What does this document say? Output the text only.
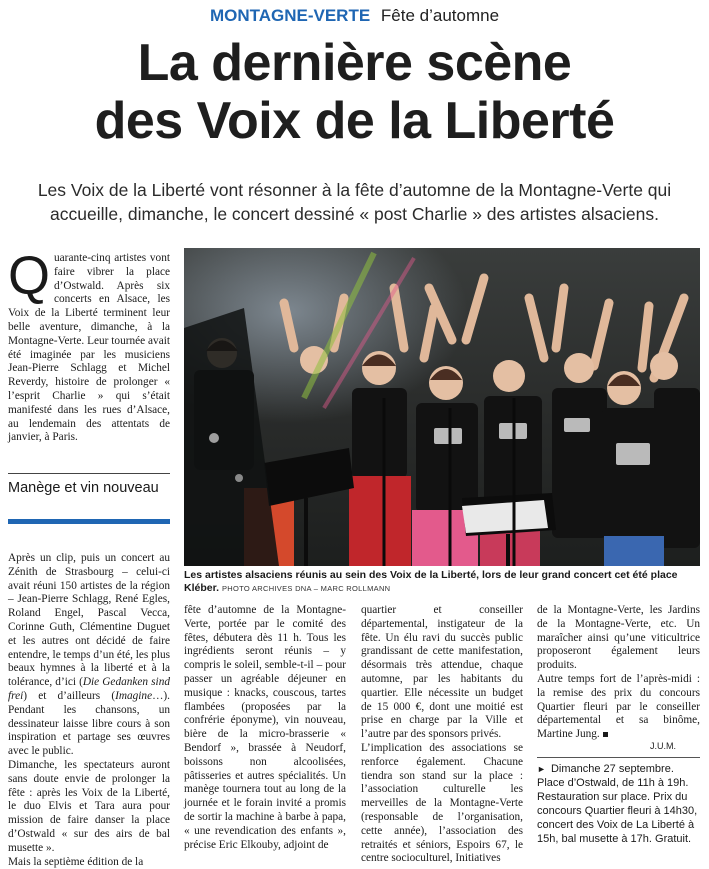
MONTAGNE-VERTE Fête d’automne
La dernière scène
des Voix de la Liberté
Les Voix de la Liberté vont résonner à la fête d’automne de la Montagne-Verte qui accueille, dimanche, le concert dessiné « post Charlie » des artistes alsaciens.
Q uarante-cinq artistes vont faire vibrer la place d’Ostwald. Après six concerts en Alsace, les Voix de la Liberté terminent leur belle aventure, dimanche, à la Montagne-Verte. Leur tournée avait été imaginée par les musiciens Jean-Pierre Schlagg et Michel Reverdy, histoire de prolonger « l’esprit Charlie » qui s’était manifesté dans les rues d’Alsace, au lendemain des attentats de janvier, à Paris.
Manège et vin nouveau

Après un clip, puis un concert au Zénith de Strasbourg – celui-ci avait réuni 150 artistes de la région – Jean-Pierre Schlagg, René Egles, Roland Engel, Pascal Vecca, Corinne Guth, Clémentine Duguet et les autres ont décidé de faire entendre, le temps d’un été, les plus beaux hymnes à la liberté et à la tolérance, d’ici (Die Gedanken sind frei) et d’ailleurs (Imagine…). Pendant les chansons, un dessinateur laisse libre cours à son inspiration et partage ses œuvres avec le public.

Dimanche, les spectateurs auront sans doute envie de prolonger la fête : après les Voix de la Liberté, le duo Elvis et Tara aura pour mission de faire danser la place d’Ostwald « sur des airs de bal musette ».

Mais la septième édition de la

Les artistes alsaciens réunis au sein des Voix de la Liberté, lors de leur grand concert cet été place Kléber. PHOTO ARCHIVES DNA – MARC ROLLMANN

fête d’automne de la Montagne-Verte, portée par le comité des fêtes, débutera dès 11 h. Tous les ingrédients seront réunis – y compris le soleil, semble-t-il – pour passer un agréable déjeuner en musique : knacks, couscous, tartes flambées (proposées par la confrérie éponyme), vin nouveau, bière de la micro-brasserie « Bendorf », brassée à Neudorf, boissons non alcoolisées, pâtisseries et autres spécialités. Un manège tournera tout au long de la journée et le forain invité a promis de sortir la machine à barbe à papa, « une revendication des enfants », précise Eric Elkouby, adjoint de

quartier et conseiller départemental, instigateur de la fête. Un élu ravi du succès public grandissant de cette manifestation, désormais très attendue, chaque automne, par les habitants du quartier. Elle nécessite un budget de 15 000 €, dont une moitié est prise en charge par la Ville et l’autre par des sponsors privés.

L’implication des associations se renforce également. Chacune tiendra son stand sur la place : l’association culturelle les merveilles de la Montagne-Verte (responsable de l’organisation, cette année), l’association des retraités et séniors, Espoirs 67, le centre socioculturel, Initiatives

de la Montagne-Verte, les Jardins de la Montagne-Verte, etc. Un maraîcher ainsi qu’une viticultrice proposeront également leurs produits.

Autre temps fort de l’après-midi : la remise des prix du concours Quartier fleuri par le conseiller départemental et sa binôme, Martine Jung.

J.U.M.
► Dimanche 27 septembre. Place d’Ostwald, de 11h à 19h. Restauration sur place. Prix du concours Quartier fleuri à 14h30, concert des Voix de La Liberté à 15h, bal musette à 17h. Gratuit.
